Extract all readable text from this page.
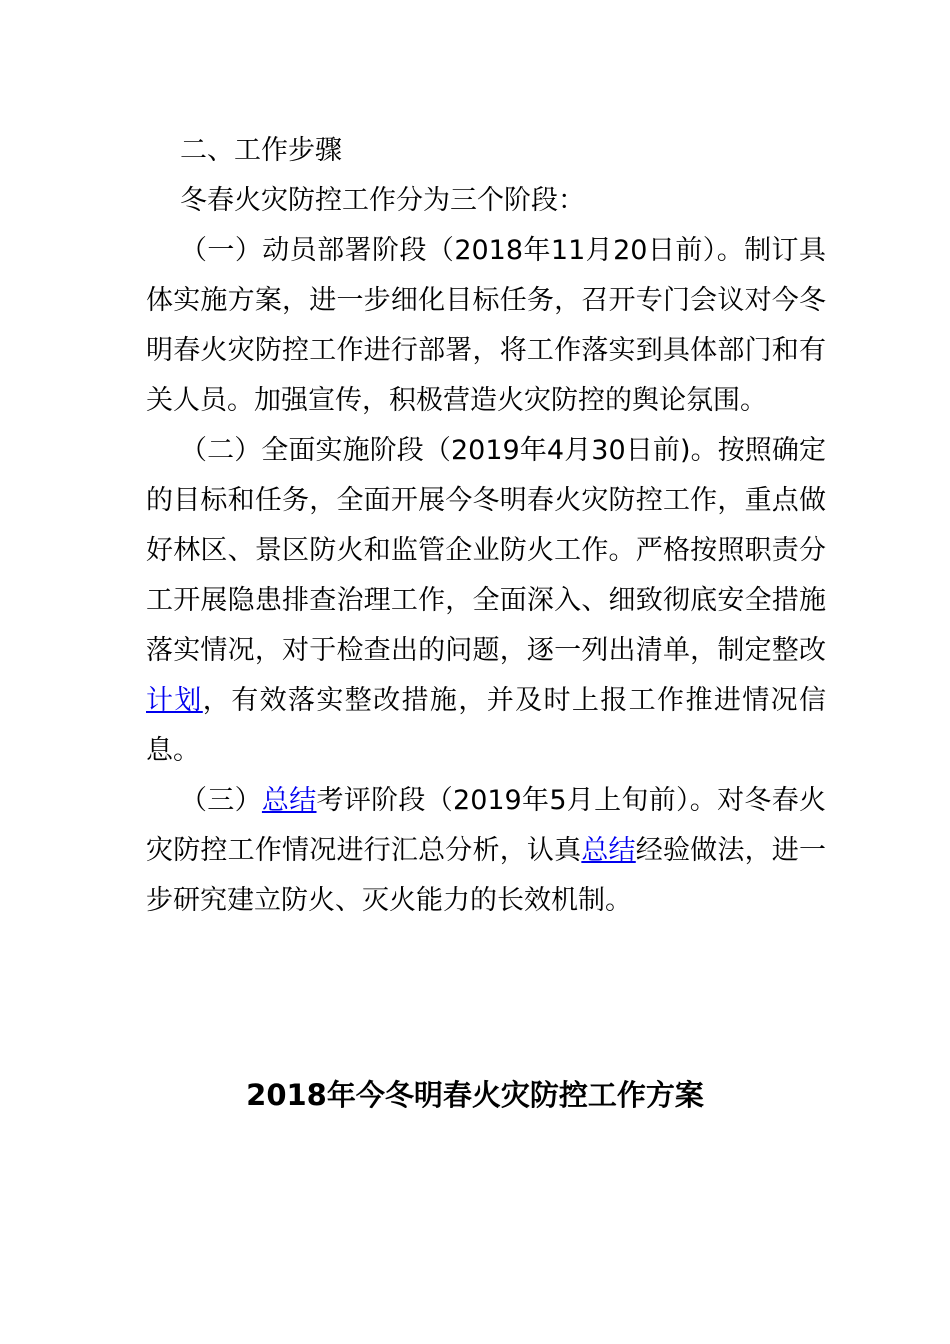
二、工作步骤

冬春火灾防控工作分为三个阶段：

（一）动员部署阶段（2018年11月20日前）。制订具体实施方案，进一步细化目标任务，召开专门会议对今冬明春火灾防控工作进行部署，将工作落实到具体部门和有关人员。加强宣传，积极营造火灾防控的舆论氛围。

（二）全面实施阶段（2019年4月30日前)。按照确定的目标和任务，全面开展今冬明春火灾防控工作，重点做好林区、景区防火和监管企业防火工作。严格按照职责分工开展隐患排查治理工作，全面深入、细致彻底安全措施落实情况，对于检查出的问题，逐一列出清单，制定整改计划，有效落实整改措施，并及时上报工作推进情况信息。

（三）总结考评阶段（2019年5月上旬前）。对冬春火灾防控工作情况进行汇总分析，认真总结经验做法，进一步研究建立防火、灭火能力的长效机制。

2018年今冬明春火灾防控工作方案
